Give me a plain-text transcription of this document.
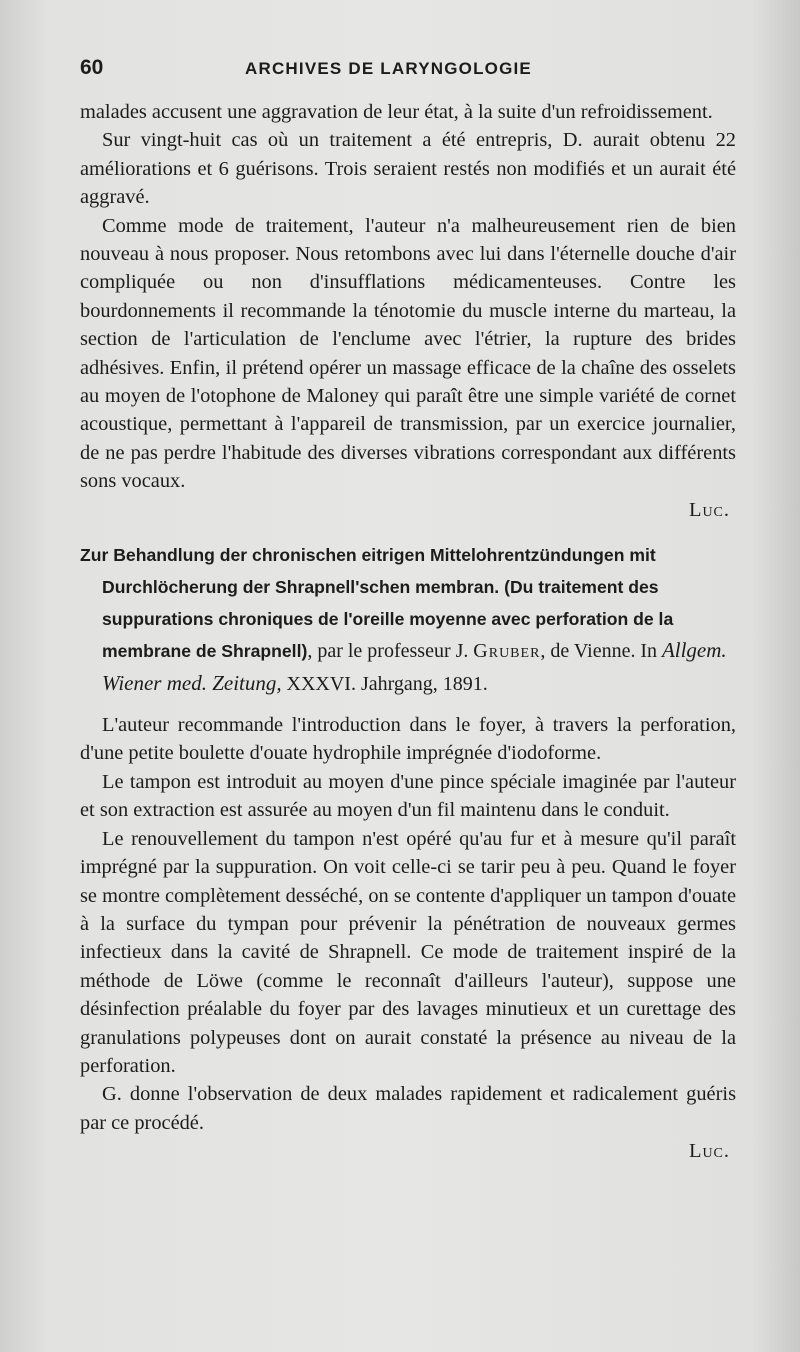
60	ARCHIVES DE LARYNGOLOGIE

malades accusent une aggravation de leur état, à la suite d'un refroidissement.

Sur vingt-huit cas où un traitement a été entrepris, D. aurait obtenu 22 améliorations et 6 guérisons. Trois seraient restés non modifiés et un aurait été aggravé.

Comme mode de traitement, l'auteur n'a malheureusement rien de bien nouveau à nous proposer. Nous retombons avec lui dans l'éternelle douche d'air compliquée ou non d'insufflations médicamenteuses. Contre les bourdonnements il recommande la ténotomie du muscle interne du marteau, la section de l'articulation de l'enclume avec l'étrier, la rupture des brides adhésives. Enfin, il prétend opérer un massage efficace de la chaîne des osselets au moyen de l'otophone de Maloney qui paraît être une simple variété de cornet acoustique, permettant à l'appareil de transmission, par un exercice journalier, de ne pas perdre l'habitude des diverses vibrations correspondant aux différents sons vocaux.

Luc.

Zur Behandlung der chronischen eitrigen Mittelohrentzündungen mit Durchlöcherung der Shrapnell'schen membran. (Du traitement des suppurations chroniques de l'oreille moyenne avec perforation de la membrane de Shrapnell), par le professeur J. Gruber, de Vienne. In Allgem. Wiener med. Zeitung, XXXVI. Jahrgang, 1891.

L'auteur recommande l'introduction dans le foyer, à travers la perforation, d'une petite boulette d'ouate hydrophile imprégnée d'iodoforme.

Le tampon est introduit au moyen d'une pince spéciale imaginée par l'auteur et son extraction est assurée au moyen d'un fil maintenu dans le conduit.

Le renouvellement du tampon n'est opéré qu'au fur et à mesure qu'il paraît imprégné par la suppuration. On voit celle-ci se tarir peu à peu. Quand le foyer se montre complètement desséché, on se contente d'appliquer un tampon d'ouate à la surface du tympan pour prévenir la pénétration de nouveaux germes infectieux dans la cavité de Shrapnell. Ce mode de traitement inspiré de la méthode de Löwe (comme le reconnaît d'ailleurs l'auteur), suppose une désinfection préalable du foyer par des lavages minutieux et un curettage des granulations polypeuses dont on aurait constaté la présence au niveau de la perforation.

G. donne l'observation de deux malades rapidement et radicalement guéris par ce procédé.

Luc.
